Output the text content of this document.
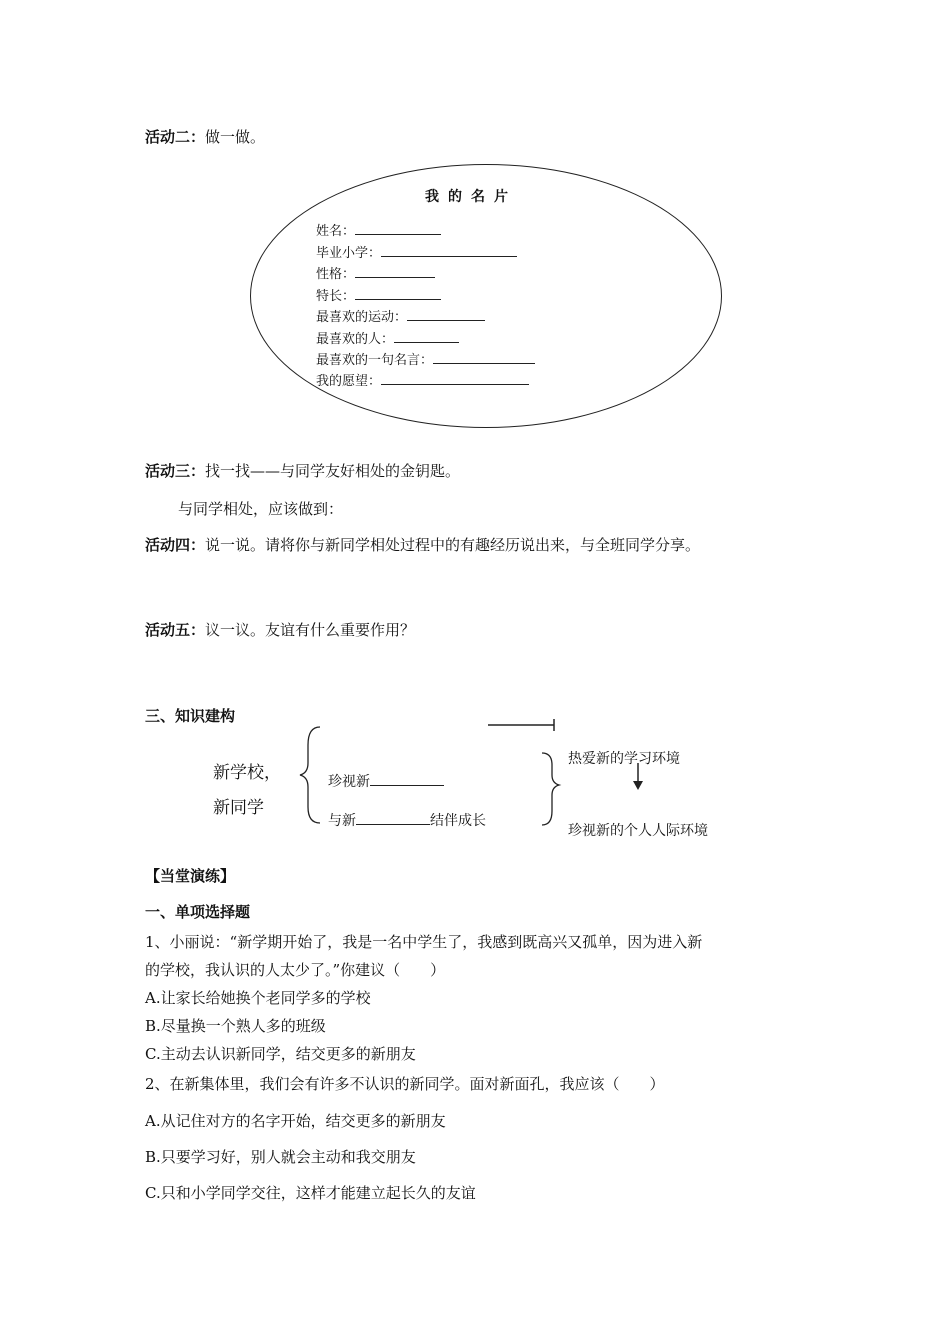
活动二：做一做。
我的名片
姓名：
毕业小学：
性格：
特长：
最喜欢的运动：
最喜欢的人：
最喜欢的一句名言：
我的愿望：
活动三：找一找——与同学友好相处的金钥匙。
与同学相处，应该做到：
活动四：说一说。请将你与新同学相处过程中的有趣经历说出来，与全班同学分享。
活动五：议一议。友谊有什么重要作用？
三、知识建构
新学校，
新同学
珍视新
与新	结伴成长
热爱新的学习环境
珍视新的个人人际环境
【当堂演练】
一、单项选择题
1、小丽说：“新学期开始了，我是一名中学生了，我感到既高兴又孤单，因为进入新
的学校，我认识的人太少了。”你建议（　　）
A.让家长给她换个老同学多的学校
B.尽量换一个熟人多的班级
C.主动去认识新同学，结交更多的新朋友
2、在新集体里，我们会有许多不认识的新同学。面对新面孔，我应该（　　）
A.从记住对方的名字开始，结交更多的新朋友
B.只要学习好，别人就会主动和我交朋友
C.只和小学同学交往，这样才能建立起长久的友谊
